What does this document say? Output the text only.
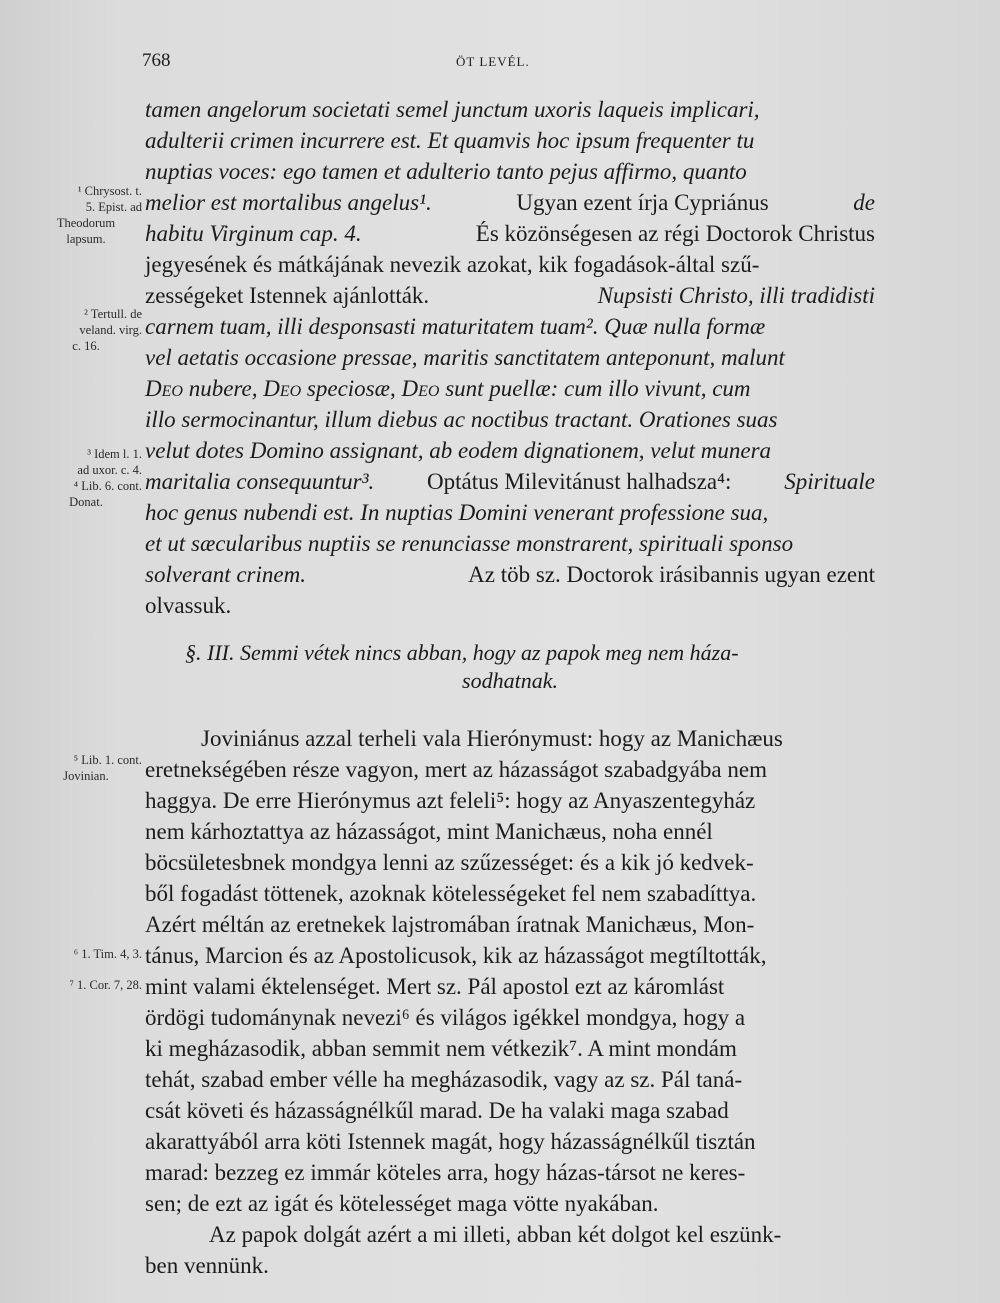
768	ÖT LEVÉL.
¹ Chrysost. t.
5. Epist. ad
Theodorum
lapsum.
² Tertull. de
veland. virg.
c. 16.
³ Idem l. 1.
ad uxor. c. 4.
⁴ Lib. 6. cont.
Donat.
⁵ Lib. 1. cont.
Jovinian.
⁶ 1. Tim. 4, 3.
⁷ 1. Cor. 7, 28.
tamen angelorum societati semel junctum uxoris laqueis implicari,
adulterii crimen incurrere est. Et quamvis hoc ipsum frequenter tu
nuptias voces: ego tamen et adulterio tanto pejus affirmo, quanto
melior est mortalibus angelus¹.	Ugyan ezent írja Cypriánus	de
habitu Virginum cap. 4.	És közönségesen az régi Doctorok Christus
jegyesének és mátkájának nevezik azokat, kik fogadások-által szű-
zességeket Istennek ajánlották.	Nupsisti Christo, illi tradidisti
carnem tuam, illi desponsasti maturitatem tuam². Quæ nulla formæ
vel aetatis occasione pressae, maritis sanctitatem anteponunt, malunt
Deo nubere, Deo speciosæ, Deo sunt puellæ: cum illo vivunt, cum
illo sermocinantur, illum diebus ac noctibus tractant. Orationes suas
velut dotes Domino assignant, ab eodem dignationem, velut munera
maritalia consequuntur³. Optátus Milevitánust halhadsza⁴: Spirituale
hoc genus nubendi est. In nuptias Domini venerant professione sua,
et ut sæcularibus nuptiis se renunciasse monstrarent, spirituali sponso
solverant crinem.	Az töb sz. Doctorok irásibannis ugyan ezent
olvassuk.
§. III. Semmi vétek nincs abban, hogy az papok meg nem háza-
sodhatnak.
Joviniánus azzal terheli vala Hierónymust: hogy az Manichæus
eretnekségében része vagyon, mert az házasságot szabadgyába nem
haggya. De erre Hierónymus azt feleli⁵: hogy az Anyaszentegyház
nem kárhoztattya az házasságot, mint Manichæus, noha ennél
böcsületesbnek mondgya lenni az szűzességet: és a kik jó kedvek-
ből fogadást töttenek, azoknak kötelességeket fel nem szabadíttya.
Azért méltán az eretnekek lajstromában íratnak Manichæus, Mon-
tánus, Marcion és az Apostolicusok, kik az házasságot megtíltották,
mint valami éktelenséget. Mert sz. Pál apostol ezt az káromlást
ördögi tudománynak nevezi⁶ és világos igékkel mondgya, hogy a
ki megházasodik, abban semmit nem vétkezik⁷. A mint mondám
tehát, szabad ember vélle ha megházasodik, vagy az sz. Pál taná-
csát követi és házasságnélkűl marad. De ha valaki maga szabad
akarattyából arra köti Istennek magát, hogy házasságnélkűl tisztán
marad: bezzeg ez immár köteles arra, hogy házas-társot ne keres-
sen; de ezt az igát és kötelességet maga vötte nyakában.
Az papok dolgát azért a mi illeti, abban két dolgot kel eszünk-
ben vennünk.
